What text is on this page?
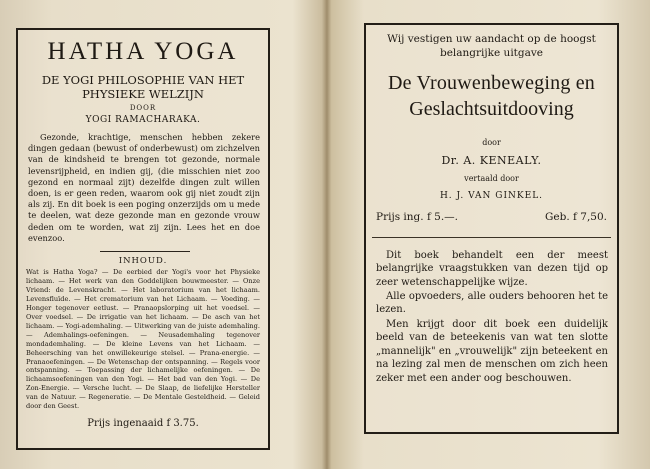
HATHA YOGA
DE YOGI PHILOSOPHIE VAN HET
PHYSIEKE WELZIJN
DOOR
YOGI RAMACHARAKA.
Gezonde, krachtige, menschen hebben zekere dingen gedaan (bewust of onderbewust) om zichzelven van de kindsheid te brengen tot gezonde, normale levensrijpheid, en indien gij, (die misschien niet zoo gezond en normaal zijt) dezelfde dingen zult willen doen, is er geen reden, waarom ook gij niet zoudt zijn als zij. En dit boek is een poging onzerzijds om u mede te deelen, wat deze gezonde man en gezonde vrouw deden om te worden, wat zij zijn. Lees het en doe evenzoo.
INHOUD.
Wat is Hatha Yoga? — De eerbied der Yogi's voor het Physieke lichaam. — Het werk van den Goddelijken bouwmeester. — Onze Vriend: de Levenskracht. — Het laboratorium van het lichaam. Levensfluïde. — Het crematorium van het Lichaam. — Voeding. — Honger tegenover eetlust. — Pranaopslorping uit het voedsel. — Over voedsel. — De irrigatie van het lichaam. — De asch van het lichaam. — Yogi-ademhaling. — Uitwerking van de juiste ademhaling. — Ademhalings-oefeningen. — Neusademhaling tegenover mondademhaling. — De kleine Levens van het Lichaam. — Beheersching van het onwillekeurige stelsel. — Prana-energie. — Pranaoefeningen. — De Wetenschap der ontspanning. — Regels voor ontspanning. — Toepassing der lichamelijke oefeningen. — De lichaamsoefeningen van den Yogi. — Het bad van den Yogi. — De Zon-Energie. — Versche lucht. — De Slaap, de liefelijke Hersteller van de Natuur. — Regeneratie. — De Mentale Gesteldheid. — Geleid door den Geest.
Prijs ingenaaid f 3.75.
Wij vestigen uw aandacht op de hoogst
belangrijke uitgave
De Vrouwenbeweging en
Geslachtsuitdooving
door
Dr. A. KENEALY.
vertaald door
H. J. VAN GINKEL.
Prijs ing. f 5.—.	Geb. f 7,50.
Dit boek behandelt een der meest belangrijke vraagstukken van dezen tijd op zeer wetenschappelijke wijze.
Alle opvoeders, alle ouders behooren het te lezen.
Men krijgt door dit boek een duidelijk beeld van de beteekenis van wat ten slotte „mannelijk" en „vrouwelijk" zijn beteekent en na lezing zal men de menschen om zich heen zeker met een ander oog beschouwen.
